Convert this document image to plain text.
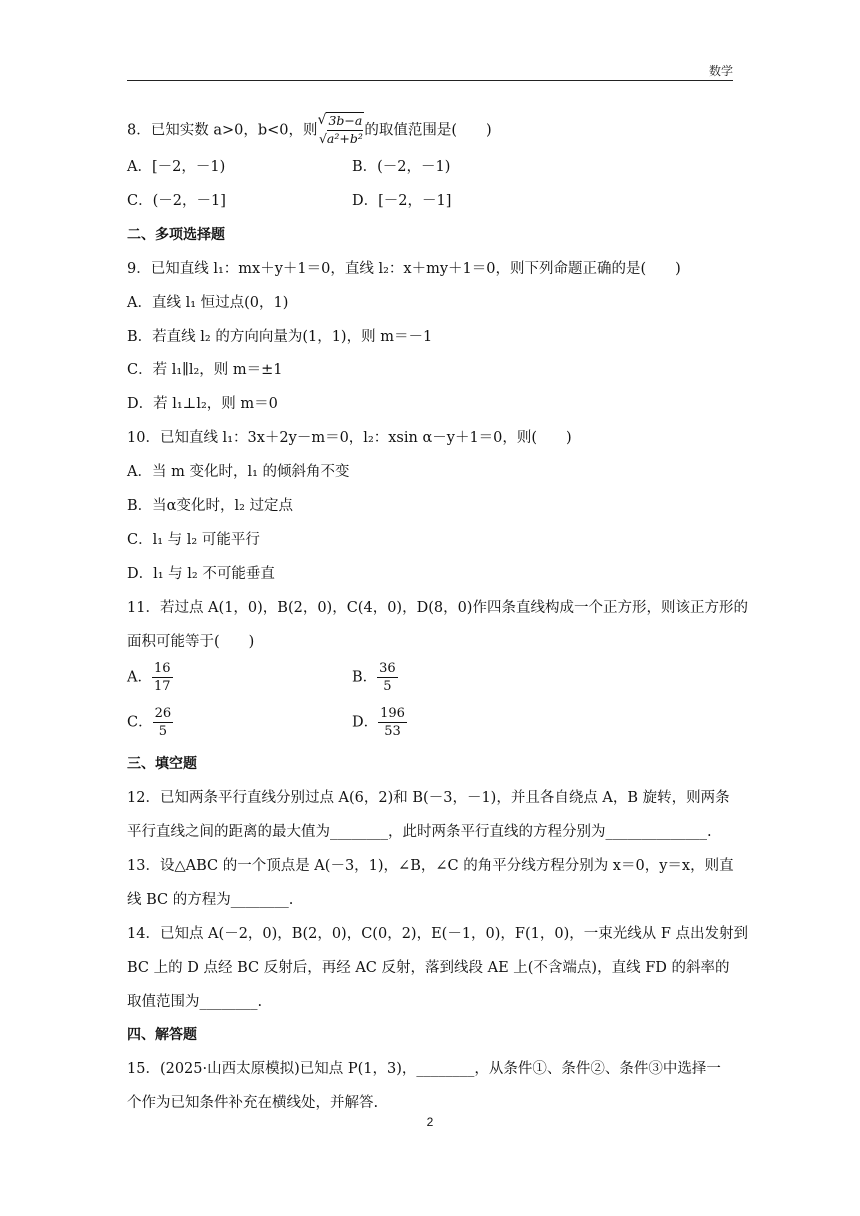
数学
8．已知实数 a>0，b<0，则
√ 3b−a
√a²+b² 的取值范围是(　　)
A．[－2，－1)	B．(－2，－1)
C．(－2，－1]	D．[－2，－1]
二、多项选择题
9．已知直线 l₁：mx＋y＋1＝0，直线 l₂：x＋my＋1＝0，则下列命题正确的是(　　)
A．直线 l₁ 恒过点(0，1)
B．若直线 l₂ 的方向向量为(1，1)，则 m＝－1
C．若 l₁∥l₂，则 m＝±1
D．若 l₁⊥l₂，则 m＝0
10．已知直线 l₁：3x＋2y－m＝0，l₂：xsin α－y＋1＝0，则(　　)
A．当 m 变化时，l₁ 的倾斜角不变
B．当α变化时，l₂ 过定点
C．l₁ 与 l₂ 可能平行
D．l₁ 与 l₂ 不可能垂直
11．若过点 A(1，0)，B(2，0)，C(4，0)，D(8，0)作四条直线构成一个正方形，则该正方形的
面积可能等于(　　)
A． $\frac{16}{17}$	B． $\frac{36}{5}$
C． $\frac{26}{5}$	D． $\frac{196}{53}$
三、填空题
12．已知两条平行直线分别过点 A(6，2)和 B(－3，－1)，并且各自绕点 A，B 旋转，则两条
平行直线之间的距离的最大值为________，此时两条平行直线的方程分别为______________.
13．设△ABC 的一个顶点是 A(－3，1)，∠B，∠C 的角平分线方程分别为 x＝0，y＝x，则直
线 BC 的方程为________.
14．已知点 A(－2，0)，B(2，0)，C(0，2)，E(－1，0)，F(1，0)，一束光线从 F 点出发射到
BC 上的 D 点经 BC 反射后，再经 AC 反射，落到线段 AE 上(不含端点)，直线 FD 的斜率的
取值范围为________.
四、解答题
15．(2025·山西太原模拟)已知点 P(1，3)，________，从条件①、条件②、条件③中选择一
个作为已知条件补充在横线处，并解答.
2
